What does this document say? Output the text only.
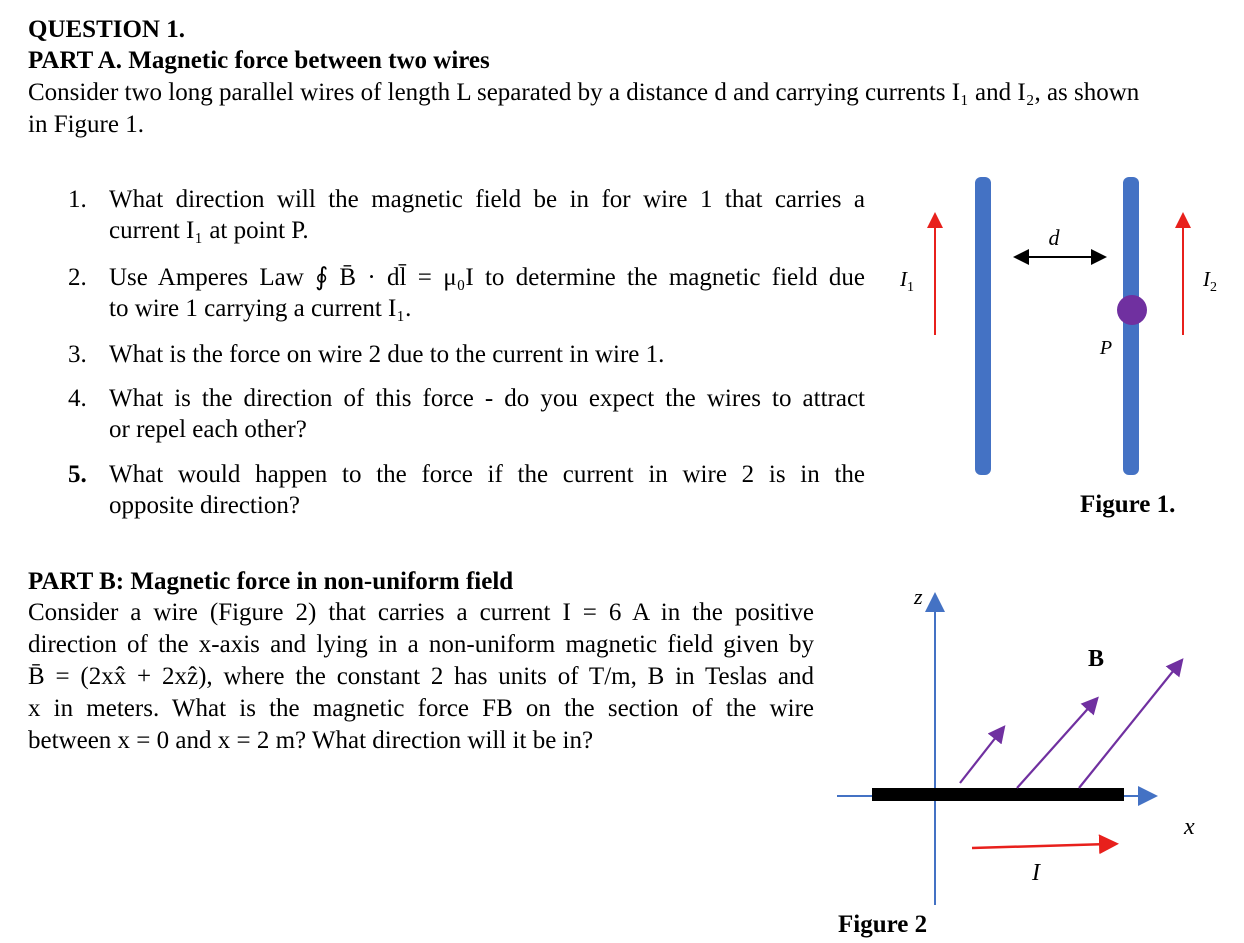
QUESTION 1.
PART A. Magnetic force between two wires
Consider two long parallel wires of length L separated by a distance d and carrying currents I₁ and I₂, as shown
in Figure 1.
1. What direction will the magnetic field be in for wire 1 that carries a
current I₁ at point P.
2. Use Amperes Law ∮ B̄ · dl̄ = μ₀I to determine the magnetic field due
to wire 1 carrying a current I₁.
3. What is the force on wire 2 due to the current in wire 1.
4. What is the direction of this force - do you expect the wires to attract
or repel each other?
5. What would happen to the force if the current in wire 2 is in the
opposite direction?
PART B: Magnetic force in non-uniform field
Consider a wire (Figure 2) that carries a current I = 6 A in the positive
direction of the x-axis and lying in a non-uniform magnetic field given by
B̄ = (2xx̂ + 2xẑ), where the constant 2 has units of T/m, B in Teslas and
x in meters. What is the magnetic force FB on the section of the wire
between x = 0 and x = 2 m? What direction will it be in?
d
P
$I_1$	$I_2$
Figure 1.
z
x
B
I
Figure 2
